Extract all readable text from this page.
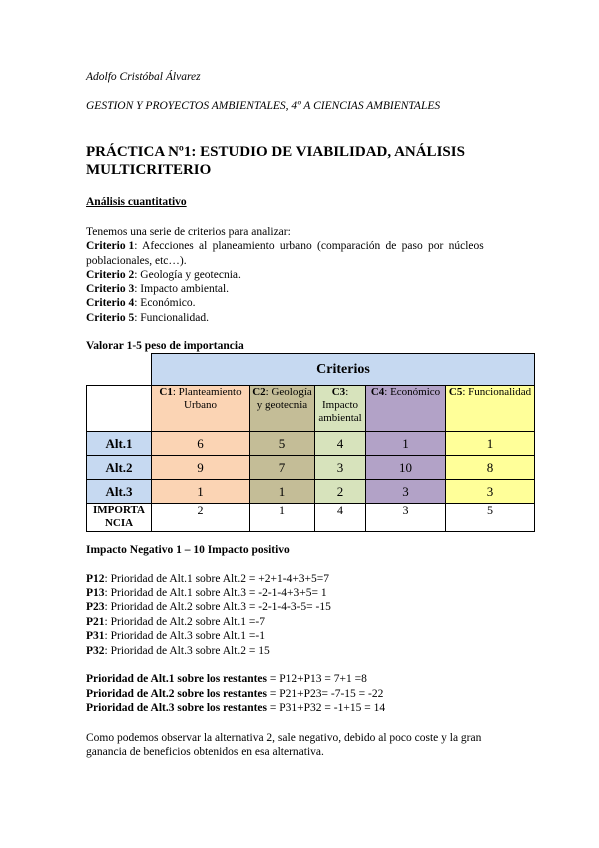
Adolfo Cristóbal Álvarez
GESTION Y PROYECTOS AMBIENTALES, 4º A CIENCIAS AMBIENTALES
PRÁCTICA Nº1: ESTUDIO DE VIABILIDAD, ANÁLISIS
MULTICRITERIO
Análisis cuantitativo
Tenemos una serie de criterios para analizar:
Criterio 1: Afecciones al planeamiento urbano (comparación de paso por núcleos
poblacionales, etc…).
Criterio 2: Geología y geotecnia.
Criterio 3: Impacto ambiental.
Criterio 4: Económico.
Criterio 5: Funcionalidad.
Valorar 1-5 peso de importancia
	Criterios				
	C1: Planteamiento Urbano	C2: Geología y geotecnia	C3: Impacto ambiental	C4: Económico	C5: Funcionalidad
Alt.1	6	5	4	1	1
Alt.2	9	7	3	10	8
Alt.3	1	1	2	3	3
IMPORTA
NCIA	2	1	4	3	5
Impacto Negativo 1 – 10 Impacto positivo
P12: Prioridad de Alt.1 sobre Alt.2 = +2+1-4+3+5=7
P13: Prioridad de Alt.1 sobre Alt.3 = -2-1-4+3+5= 1
P23: Prioridad de Alt.2 sobre Alt.3 = -2-1-4-3-5= -15
P21: Prioridad de Alt.2 sobre Alt.1 =-7
P31: Prioridad de Alt.3 sobre Alt.1 =-1
P32: Prioridad de Alt.3 sobre Alt.2 = 15
Prioridad de Alt.1 sobre los restantes = P12+P13 = 7+1 =8
Prioridad de Alt.2 sobre los restantes = P21+P23= -7-15 = -22
Prioridad de Alt.3 sobre los restantes = P31+P32 = -1+15 = 14
Como podemos observar la alternativa 2, sale negativo, debido al poco coste y la gran
ganancia de beneficios obtenidos en esa alternativa.
